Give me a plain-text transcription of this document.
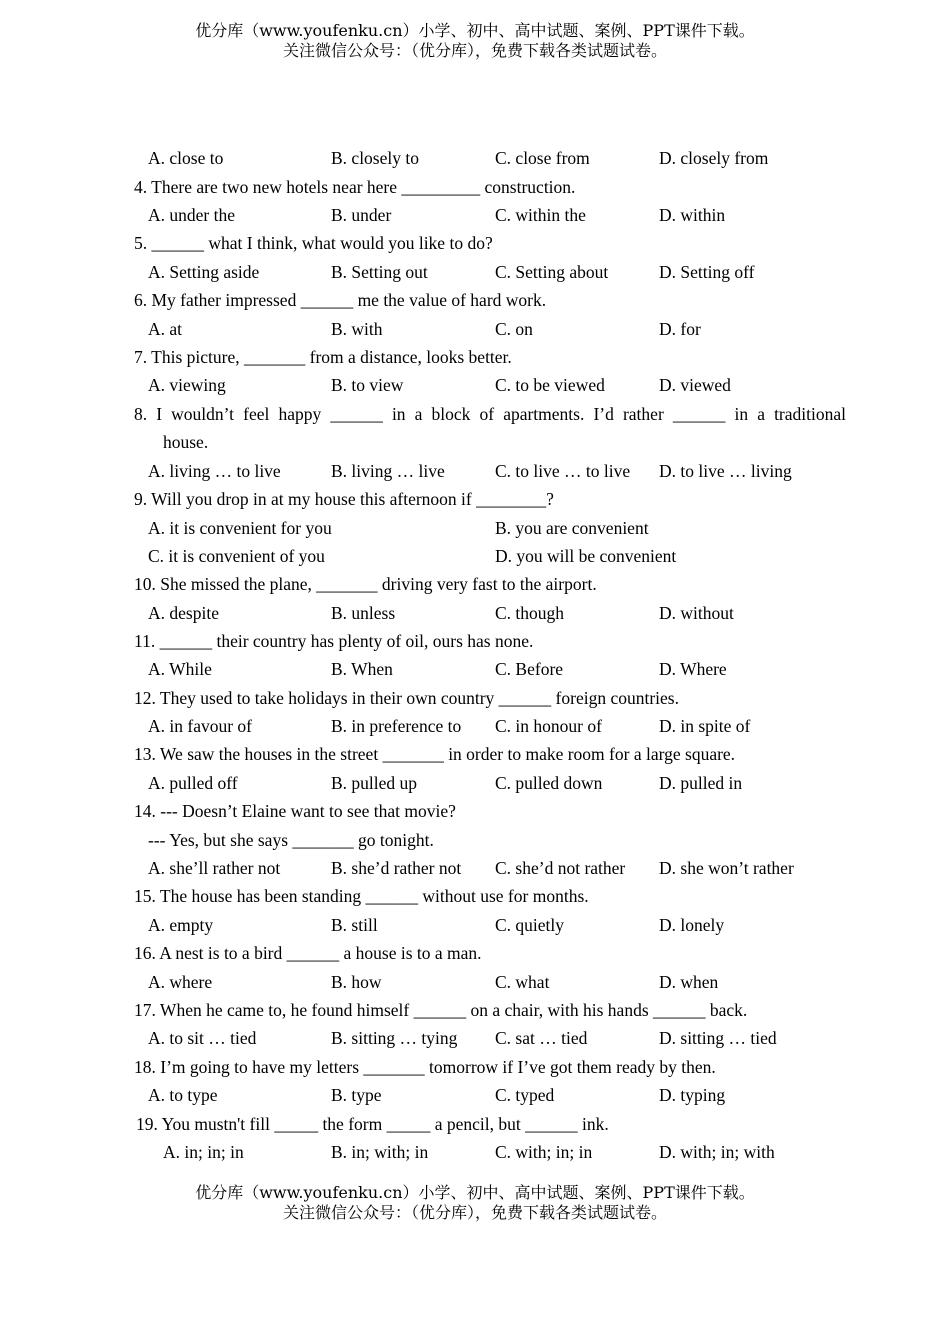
优分库（www.youfenku.cn）小学、初中、高中试题、案例、PPT课件下载。
关注微信公众号：（优分库），免费下载各类试题试卷。
A. close to	B. closely to	C. close from	D. closely from
4. There are two new hotels near here _________ construction.
A. under the	B. under	C. within the	D. within
5. ______ what I think, what would you like to do?
A. Setting aside	B. Setting out	C. Setting about	D. Setting off
6. My father impressed ______ me the value of hard work.
A. at	B. with	C. on	D. for
7. This picture, _______ from a distance, looks better.
A. viewing	B. to view	C. to be viewed	D. viewed
8. I wouldn’t feel happy ______ in a block of apartments. I’d rather ______ in a traditional
house.
A. living … to live	B. living … live	C. to live … to live D. to live … living
9. Will you drop in at my house this afternoon if ________?
A. it is convenient for you	B. you are convenient
C. it is convenient of you	D. you will be convenient
10. She missed the plane, _______ driving very fast to the airport.
A. despite	B. unless	C. though	D. without
11. ______ their country has plenty of oil, ours has none.
A. While	B. When	C. Before	D. Where
12. They used to take holidays in their own country ______ foreign countries.
A. in favour of	B. in preference to C. in honour of	D. in spite of
13. We saw the houses in the street _______ in order to make room for a large square.
A. pulled off	B. pulled up	C. pulled down	D. pulled in
14. --- Doesn’t Elaine want to see that movie?
--- Yes, but she says _______ go tonight.
A. she’ll rather not	B. she’d rather not C. she’d not rather D. she won’t rather
15. The house has been standing ______ without use for months.
A. empty	B. still	C. quietly	D. lonely
16. A nest is to a bird ______ a house is to a man.
A. where	B. how	C. what	D. when
17. When he came to, he found himself ______ on a chair, with his hands ______ back.
A. to sit … tied	B. sitting … tying C. sat … tied	D. sitting … tied
18. I’m going to have my letters _______ tomorrow if I’ve got them ready by then.
A. to type	B. type	C. typed	D. typing
19. You mustn't fill _____ the form _____ a pencil, but ______ ink.
A. in; in; in	B. in; with; in	C. with; in; in	D. with; in; with
优分库（www.youfenku.cn）小学、初中、高中试题、案例、PPT课件下载。
关注微信公众号：（优分库），免费下载各类试题试卷。
